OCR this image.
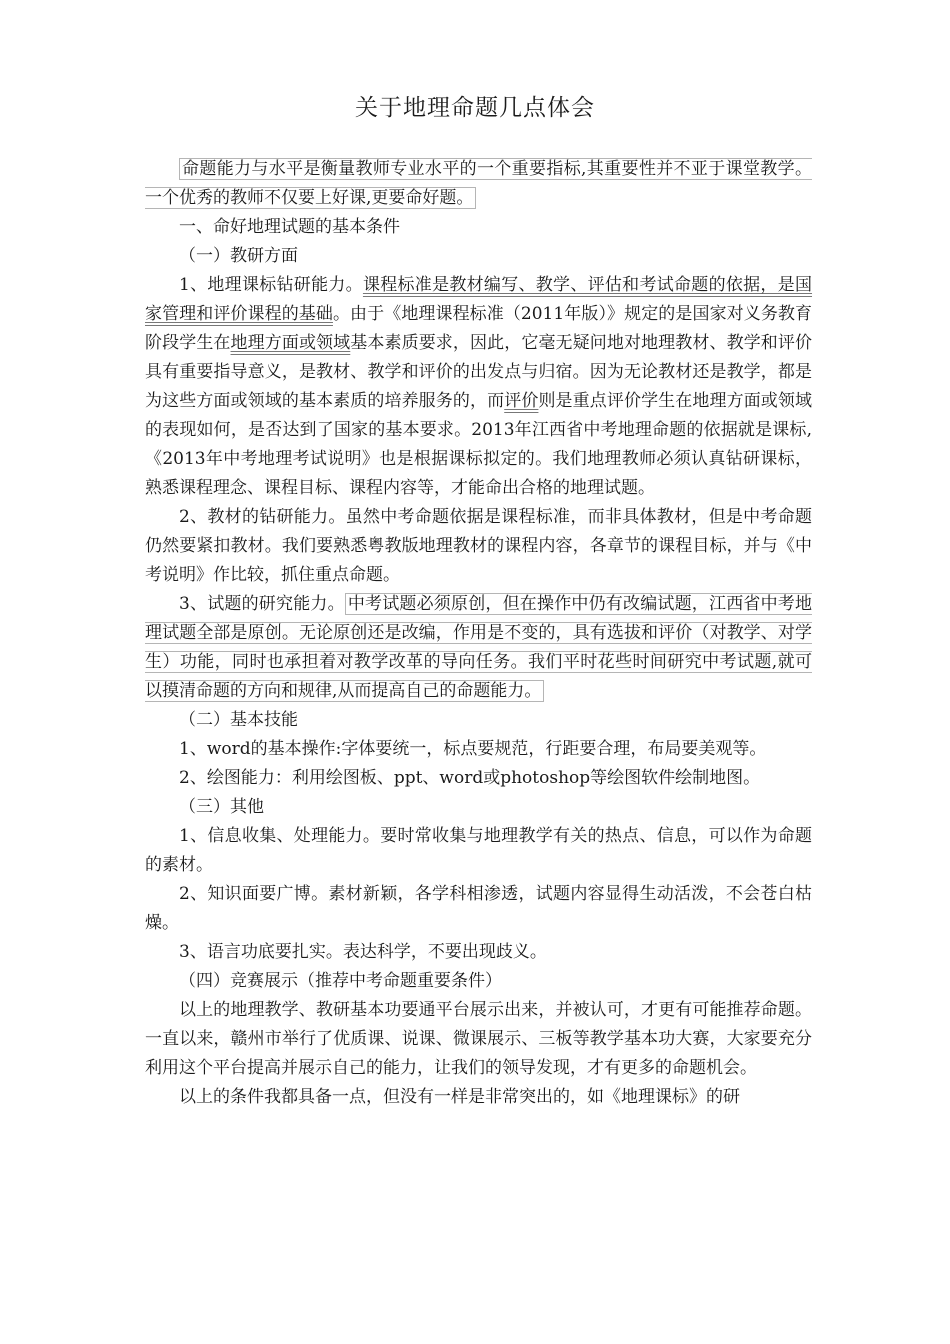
关于地理命题几点体会

命题能力与水平是衡量教师专业水平的一个重要指标,其重要性并不亚于课堂教学。一个优秀的教师不仅要上好课,更要命好题。

一、命好地理试题的基本条件

（一）教研方面

1、地理课标钻研能力。课程标准是教材编写、教学、评估和考试命题的依据，是国家管理和评价课程的基础。由于《地理课程标准（2011年版）》规定的是国家对义务教育阶段学生在地理方面或领域基本素质要求，因此，它毫无疑问地对地理教材、教学和评价具有重要指导意义，是教材、教学和评价的出发点与归宿。因为无论教材还是教学，都是为这些方面或领域的基本素质的培养服务的，而评价则是重点评价学生在地理方面或领域的表现如何，是否达到了国家的基本要求。2013年江西省中考地理命题的依据就是课标,《2013年中考地理考试说明》也是根据课标拟定的。我们地理教师必须认真钻研课标，熟悉课程理念、课程目标、课程内容等，才能命出合格的地理试题。

2、教材的钻研能力。虽然中考命题依据是课程标准，而非具体教材，但是中考命题仍然要紧扣教材。我们要熟悉粤教版地理教材的课程内容，各章节的课程目标，并与《中考说明》作比较，抓住重点命题。

3、试题的研究能力。 中考试题必须原创，但在操作中仍有改编试题，江西省中考地理试题全部是原创。无论原创还是改编，作用是不变的，具有选拔和评价（对教学、对学生）功能，同时也承担着对教学改革的导向任务。我们平时花些时间研究中考试题,就可以摸清命题的方向和规律,从而提高自己的命题能力。

（二）基本技能

1、word的基本操作:字体要统一，标点要规范，行距要合理，布局要美观等。

2、绘图能力：利用绘图板、ppt、word或photoshop等绘图软件绘制地图。

（三）其他

1、信息收集、处理能力。要时常收集与地理教学有关的热点、信息，可以作为命题的素材。

2、知识面要广博。素材新颖，各学科相渗透，试题内容显得生动活泼，不会苍白枯燥。

3、语言功底要扎实。表达科学，不要出现歧义。

（四）竞赛展示（推荐中考命题重要条件）

以上的地理教学、教研基本功要通平台展示出来，并被认可，才更有可能推荐命题。一直以来，赣州市举行了优质课、说课、微课展示、三板等教学基本功大赛，大家要充分利用这个平台提高并展示自己的能力，让我们的领导发现，才有更多的命题机会。

以上的条件我都具备一点，但没有一样是非常突出的，如《地理课标》的研
